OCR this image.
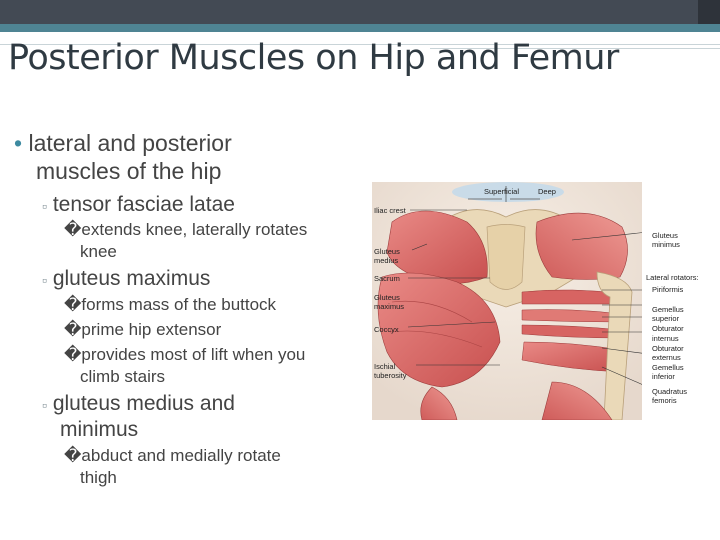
Posterior Muscles on Hip and Femur
• lateral and posterior
muscles of the hip
▫ tensor fasciae latae
�extends knee, laterally rotates
knee
▫ gluteus maximus
�forms mass of the buttock
�prime hip extensor
�provides most of lift when you
climb stairs
▫ gluteus medius and
minimus
�abduct and medially rotate
thigh
Superficial	Deep
Iliac crest
Gluteus
medius
Sacrum
Gluteus
maximus
Coccyx
Ischial
tuberosity
Gluteus
minimus
Lateral rotators:
Piriformis
Gemellus
superior
Obturator
internus
Obturator
externus
Gemellus
inferior
Quadratus
femoris
